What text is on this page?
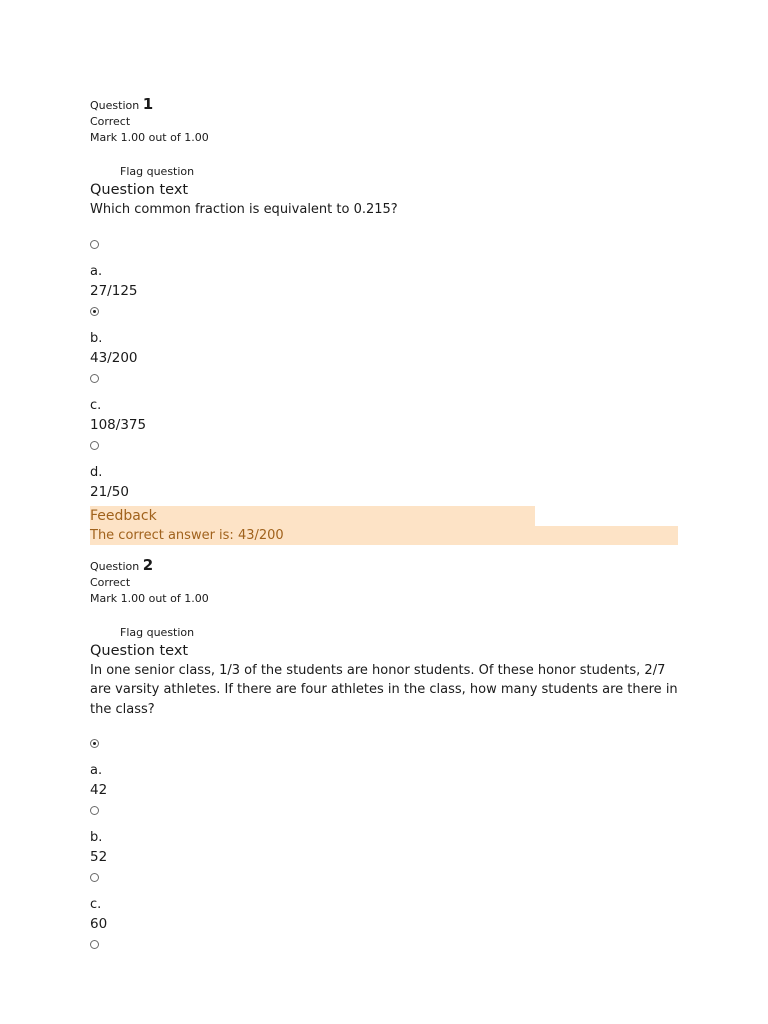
Question 1
Correct
Mark 1.00 out of 1.00
Flag question
Question text
Which common fraction is equivalent to 0.215?
a.
27/125
b.
43/200
c.
108/375
d.
21/50
Feedback
The correct answer is: 43/200
Question 2
Correct
Mark 1.00 out of 1.00
Flag question
Question text
In one senior class, 1/3 of the students are honor students. Of these honor students, 2/7 are varsity athletes. If there are four athletes in the class, how many students are there in the class?
a.
42
b.
52
c.
60
